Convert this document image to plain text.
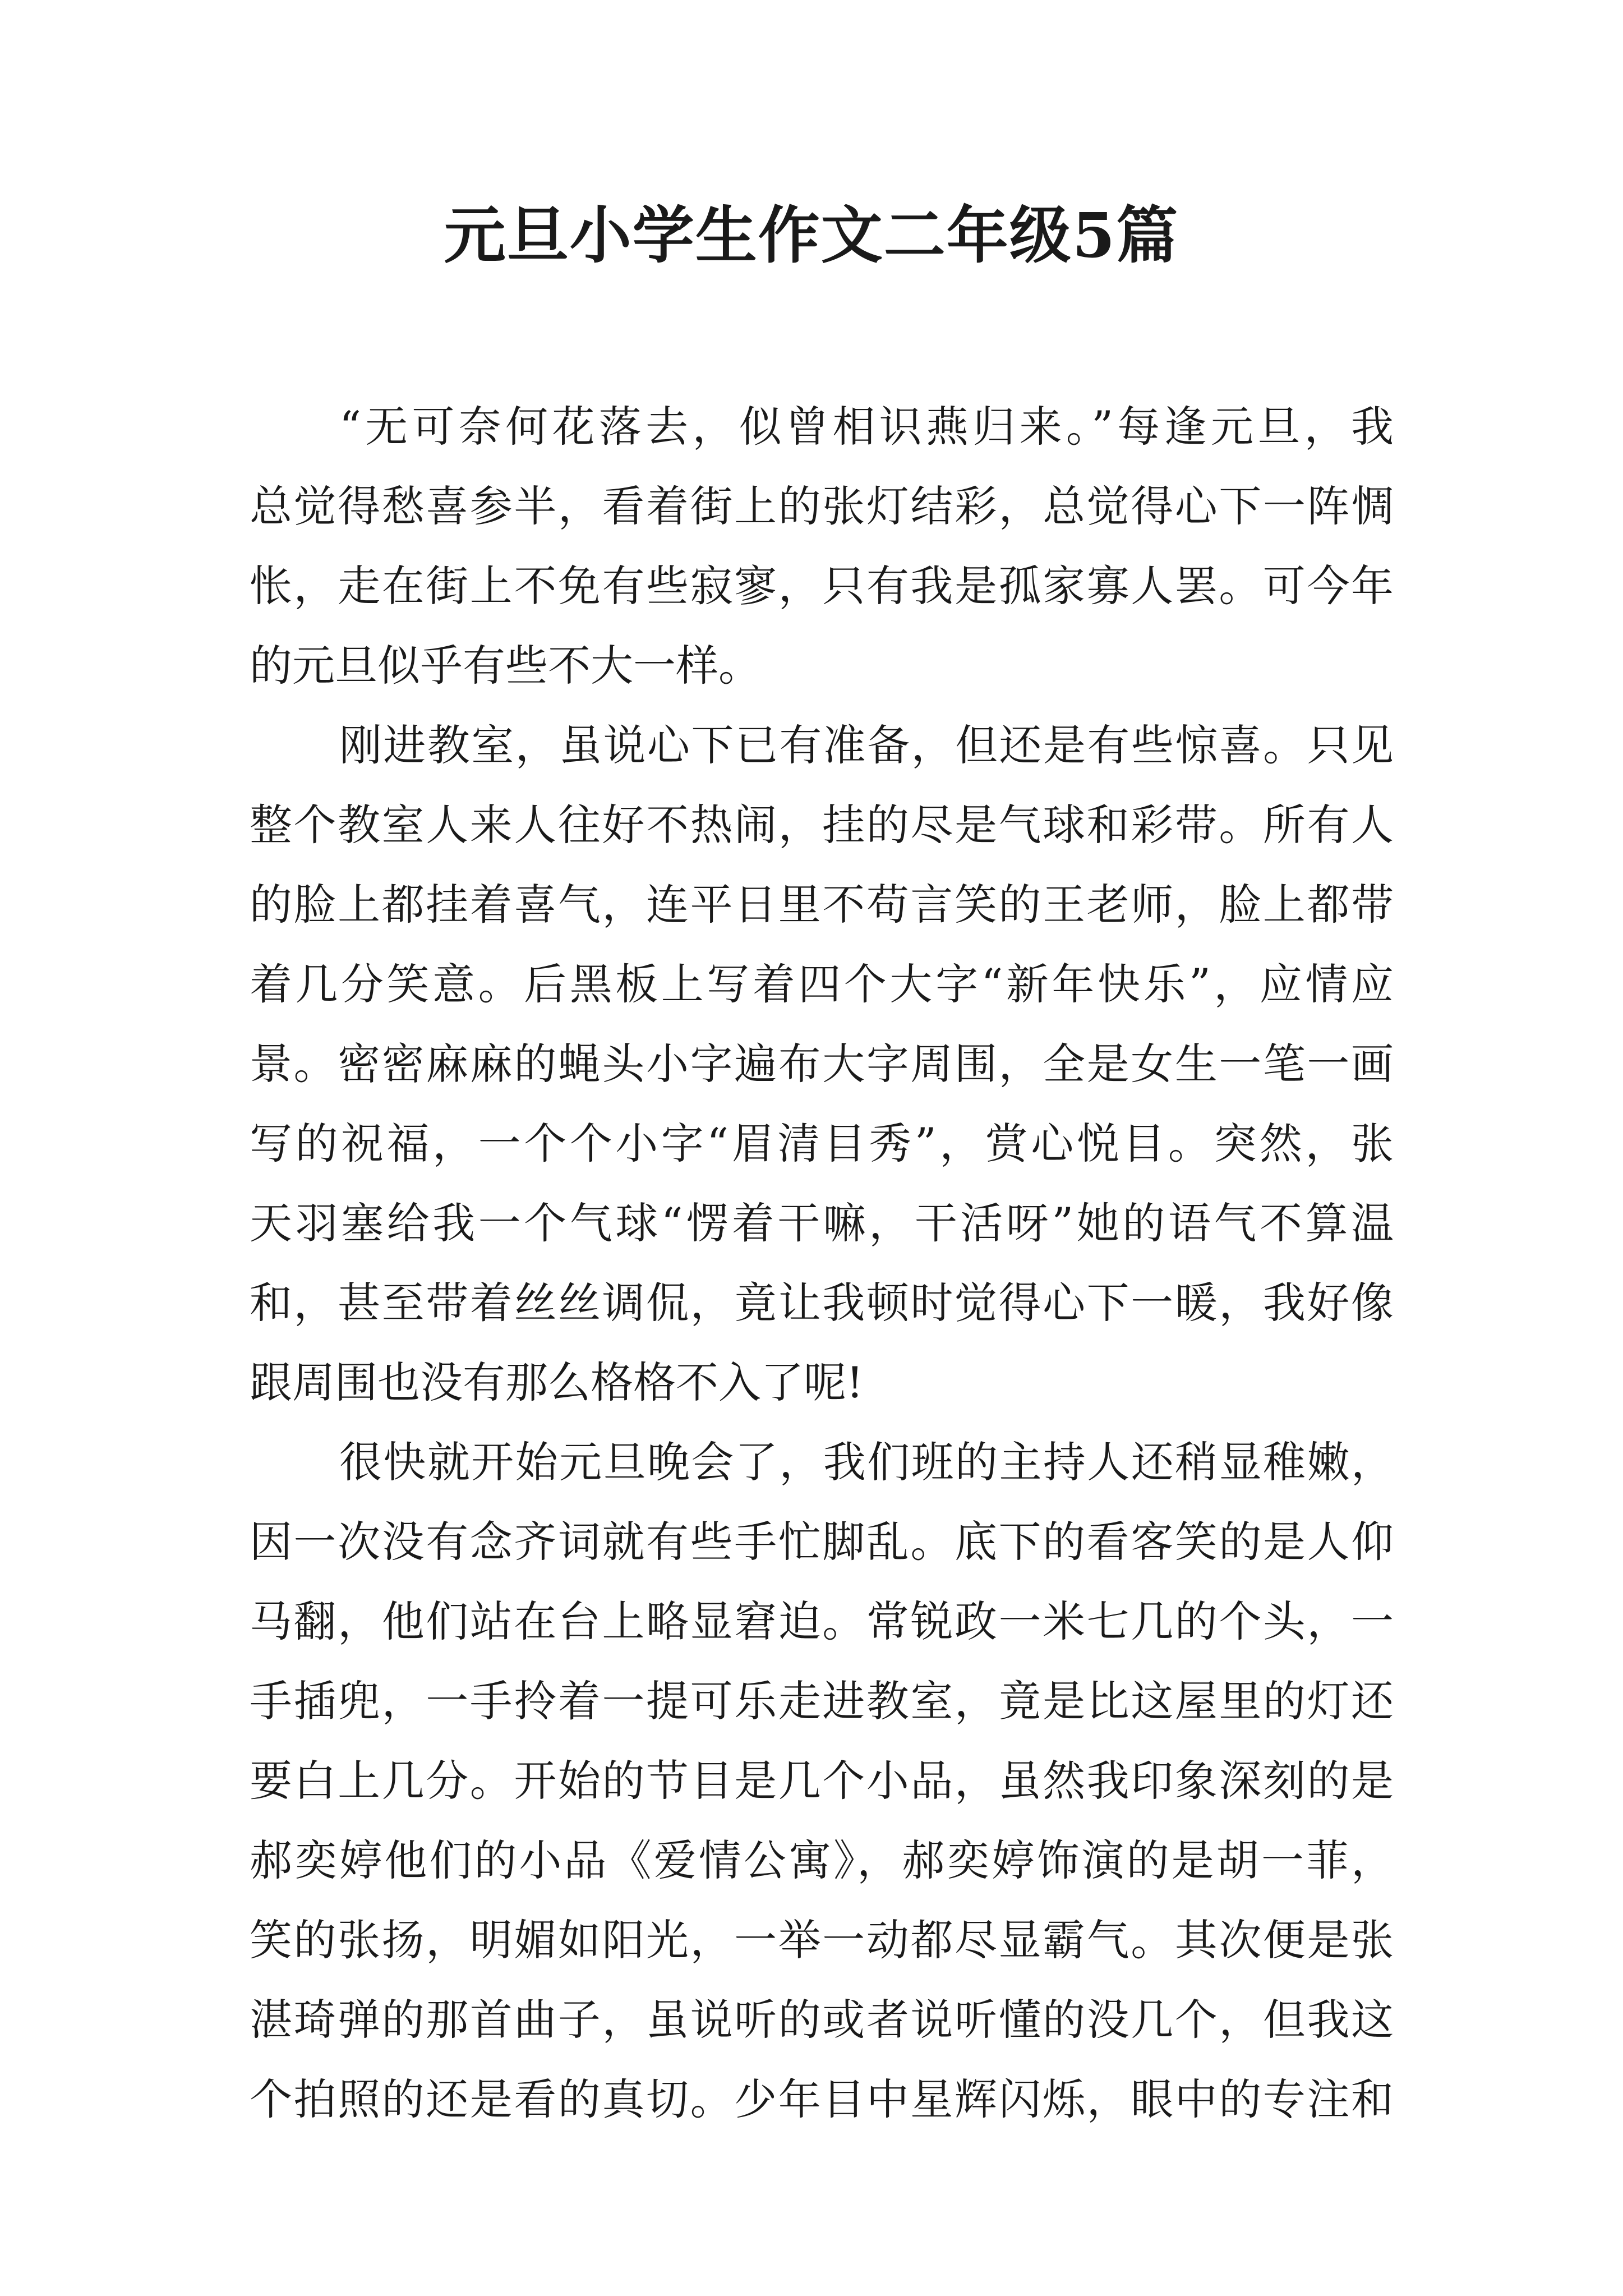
元旦小学生作文二年级5篇
“无可奈何花落去，似曾相识燕归来。”每逢元旦，我
总觉得愁喜参半，看着街上的张灯结彩，总觉得心下一阵惆
怅，走在街上不免有些寂寥，只有我是孤家寡人罢。可今年
的元旦似乎有些不大一样。
刚进教室，虽说心下已有准备，但还是有些惊喜。只见
整个教室人来人往好不热闹，挂的尽是气球和彩带。所有人
的脸上都挂着喜气，连平日里不苟言笑的王老师，脸上都带
着几分笑意。后黑板上写着四个大字“新年快乐”，应情应
景。密密麻麻的蝇头小字遍布大字周围，全是女生一笔一画
写的祝福，一个个小字“眉清目秀”，赏心悦目。突然，张
天羽塞给我一个气球“愣着干嘛，干活呀”她的语气不算温
和，甚至带着丝丝调侃，竟让我顿时觉得心下一暖，我好像
跟周围也没有那么格格不入了呢!
很快就开始元旦晚会了，我们班的主持人还稍显稚嫩，
因一次没有念齐词就有些手忙脚乱。底下的看客笑的是人仰
马翻，他们站在台上略显窘迫。常锐政一米七几的个头，一
手插兜，一手拎着一提可乐走进教室，竟是比这屋里的灯还
要白上几分。开始的节目是几个小品，虽然我印象深刻的是
郝奕婷他们的小品《爱情公寓》，郝奕婷饰演的是胡一菲，
笑的张扬，明媚如阳光，一举一动都尽显霸气。其次便是张
湛琦弹的那首曲子，虽说听的或者说听懂的没几个，但我这
个拍照的还是看的真切。少年目中星辉闪烁，眼中的专注和
